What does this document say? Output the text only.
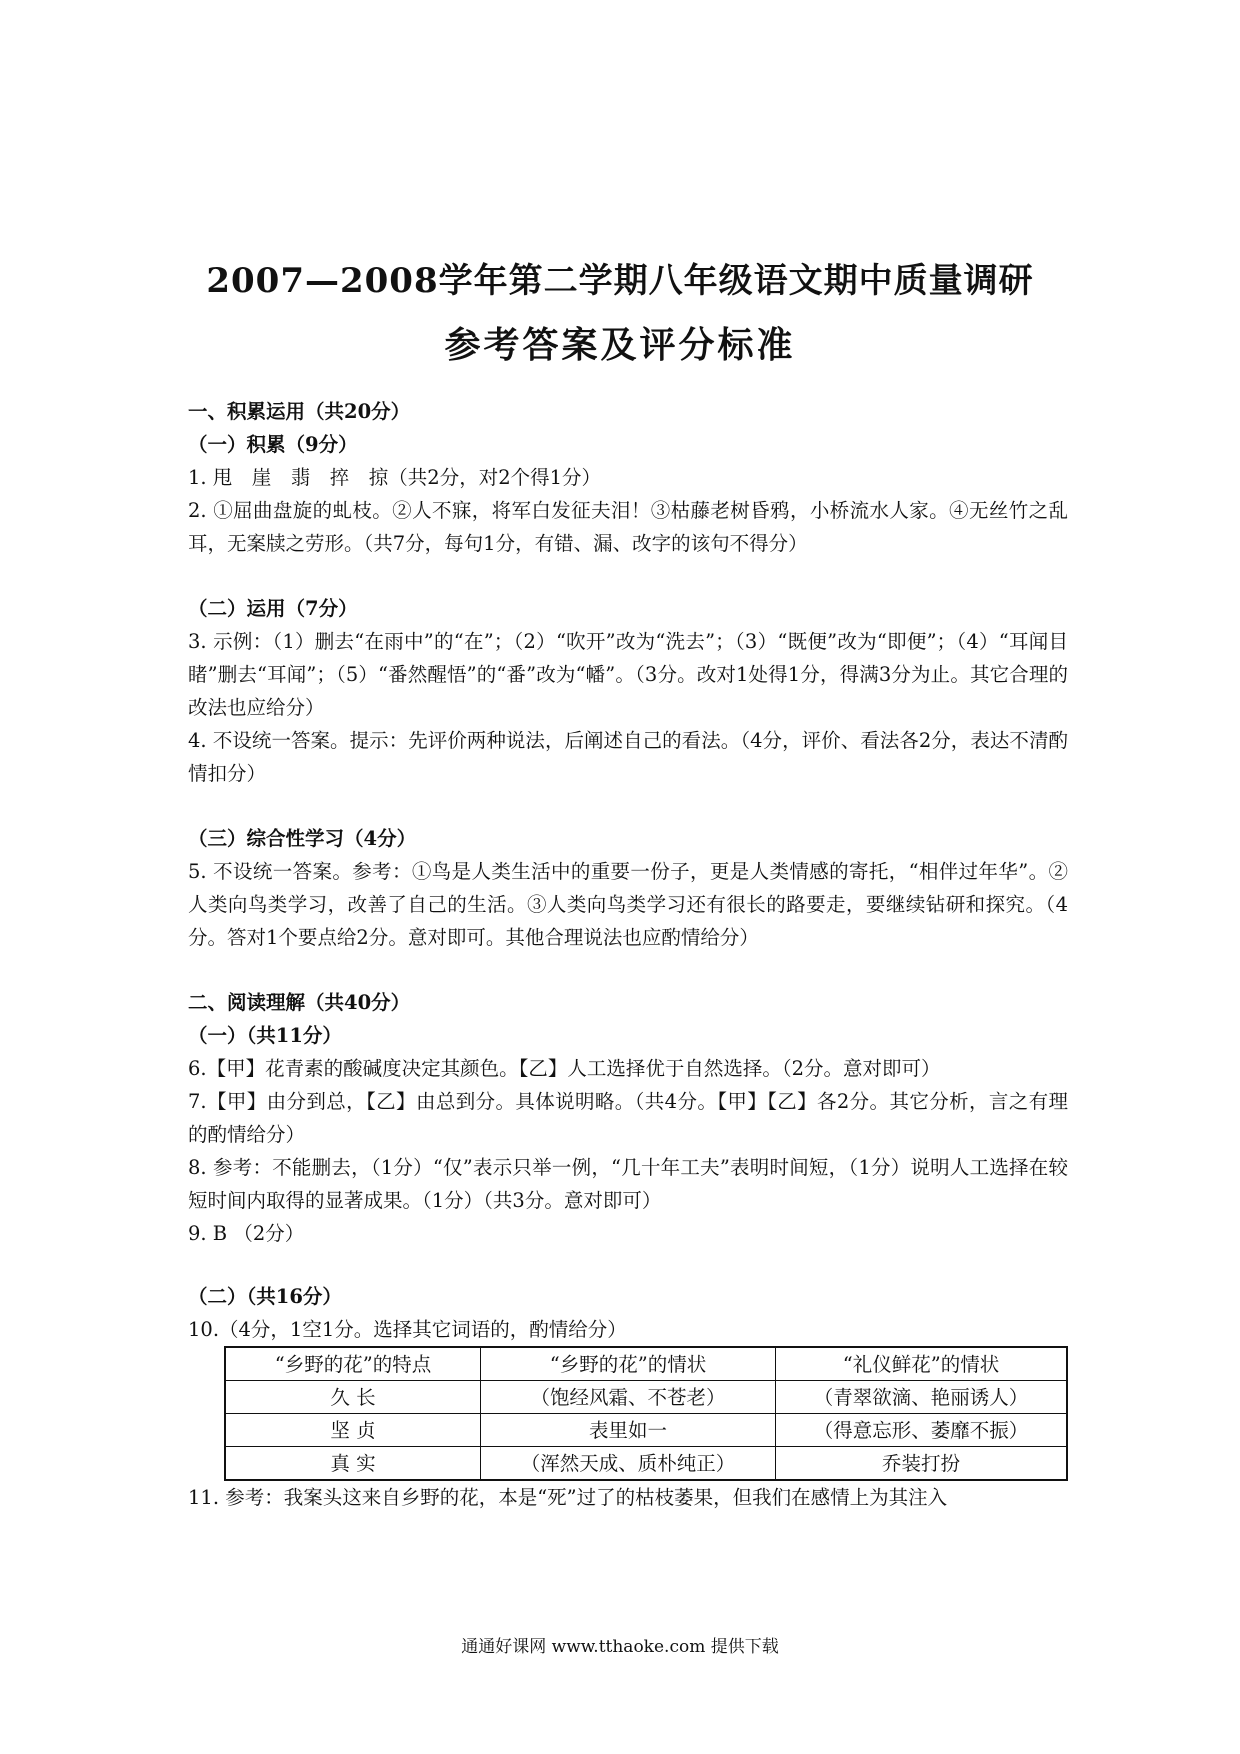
2007—2008学年第二学期八年级语文期中质量调研
参考答案及评分标准

一、积累运用（共20分）

（一）积累（9分）

1. 甩　崖　翡　捽　掠（共2分，对2个得1分）

2. ①屈曲盘旋的虬枝。②人不寐，将军白发征夫泪！③枯藤老树昏鸦，小桥流水人家。④无丝竹之乱耳，无案牍之劳形。（共7分，每句1分，有错、漏、改字的该句不得分）

（二）运用（7分）

3. 示例：（1）删去“在雨中”的“在”；（2）“吹开”改为“洗去”；（3）“既便”改为“即便”；（4）“耳闻目睹”删去“耳闻”；（5）“番然醒悟”的“番”改为“幡”。（3分。改对1处得1分，得满3分为止。其它合理的改法也应给分）

4. 不设统一答案。提示：先评价两种说法，后阐述自己的看法。（4分，评价、看法各2分，表达不清酌情扣分）

（三）综合性学习（4分）

5. 不设统一答案。参考：①鸟是人类生活中的重要一份子，更是人类情感的寄托，“相伴过年华”。②人类向鸟类学习，改善了自己的生活。③人类向鸟类学习还有很长的路要走，要继续钻研和探究。（4分。答对1个要点给2分。意对即可。其他合理说法也应酌情给分）

二、阅读理解（共40分）

（一）（共11分）

6.【甲】花青素的酸碱度决定其颜色。【乙】人工选择优于自然选择。（2分。意对即可）

7.【甲】由分到总，【乙】由总到分。具体说明略。（共4分。【甲】【乙】各2分。其它分析，言之有理的酌情给分）

8. 参考：不能删去，（1分）“仅”表示只举一例，“几十年工夫”表明时间短，（1分）说明人工选择在较短时间内取得的显著成果。（1分）（共3分。意对即可）

9. B （2分）

（二）（共16分）

10.（4分，1空1分。选择其它词语的，酌情给分）

“乡野的花”的特点	“乡野的花”的情状	“礼仪鲜花”的情状
久 长	（饱经风霜、不苍老）	（青翠欲滴、艳丽诱人）
坚 贞	表里如一	（得意忘形、萎靡不振）
真 实	（浑然天成、质朴纯正）	乔装打扮

11. 参考：我案头这来自乡野的花，本是“死”过了的枯枝萎果，但我们在感情上为其注入

通通好课网 www.tthaoke.com 提供下载
